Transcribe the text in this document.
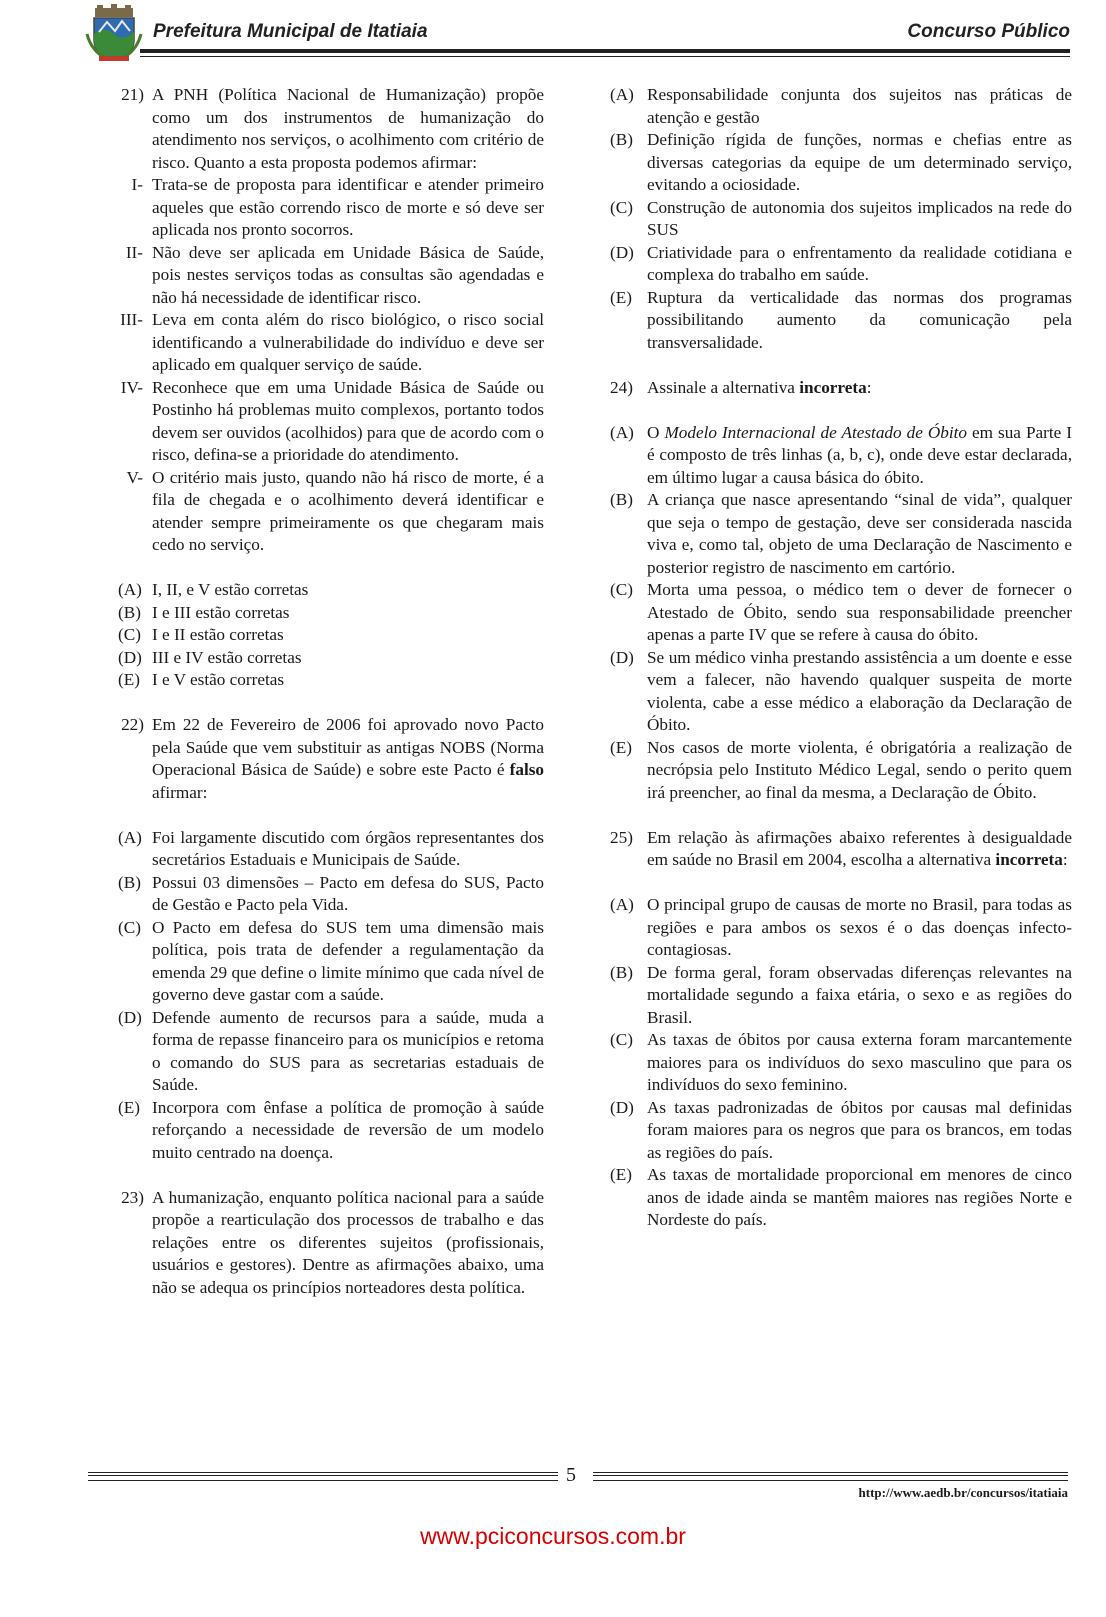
Prefeitura Municipal de Itatiaia	Concurso Público
21) A PNH (Política Nacional de Humanização) propõe como um dos instrumentos de humanização do atendimento nos serviços, o acolhimento com critério de risco. Quanto a esta proposta podemos afirmar:
I- Trata-se de proposta para identificar e atender primeiro aqueles que estão correndo risco de morte e só deve ser aplicada nos pronto socorros.
II- Não deve ser aplicada em Unidade Básica de Saúde, pois nestes serviços todas as consultas são agendadas e não há necessidade de identificar risco.
III- Leva em conta além do risco biológico, o risco social identificando a vulnerabilidade do indivíduo e deve ser aplicado em qualquer serviço de saúde.
IV- Reconhece que em uma Unidade Básica de Saúde ou Postinho há problemas muito complexos, portanto todos devem ser ouvidos (acolhidos) para que de acordo com o risco, defina-se a prioridade do atendimento.
V- O critério mais justo, quando não há risco de morte, é a fila de chegada e o acolhimento deverá identificar e atender sempre primeiramente os que chegaram mais cedo no serviço.
(A) I, II, e V estão corretas
(B) I e III estão corretas
(C) I e II estão corretas
(D) III e IV estão corretas
(E) I e V estão corretas
22) Em 22 de Fevereiro de 2006 foi aprovado novo Pacto pela Saúde que vem substituir as antigas NOBS (Norma Operacional Básica de Saúde) e sobre este Pacto é falso afirmar:
(A) Foi largamente discutido com órgãos representantes dos secretários Estaduais e Municipais de Saúde.
(B) Possui 03 dimensões – Pacto em defesa do SUS, Pacto de Gestão e Pacto pela Vida.
(C) O Pacto em defesa do SUS tem uma dimensão mais política, pois trata de defender a regulamentação da emenda 29 que define o limite mínimo que cada nível de governo deve gastar com a saúde.
(D) Defende aumento de recursos para a saúde, muda a forma de repasse financeiro para os municípios e retoma o comando do SUS para as secretarias estaduais de Saúde.
(E) Incorpora com ênfase a política de promoção à saúde reforçando a necessidade de reversão de um modelo muito centrado na doença.
23) A humanização, enquanto política nacional para a saúde propõe a rearticulação dos processos de trabalho e das relações entre os diferentes sujeitos (profissionais, usuários e gestores). Dentre as afirmações abaixo, uma não se adequa os princípios norteadores desta política.
(A) Responsabilidade conjunta dos sujeitos nas práticas de atenção e gestão
(B) Definição rígida de funções, normas e chefias entre as diversas categorias da equipe de um determinado serviço, evitando a ociosidade.
(C) Construção de autonomia dos sujeitos implicados na rede do SUS
(D) Criatividade para o enfrentamento da realidade cotidiana e complexa do trabalho em saúde.
(E) Ruptura da verticalidade das normas dos programas possibilitando aumento da comunicação pela transversalidade.
24) Assinale a alternativa incorreta:
(A) O Modelo Internacional de Atestado de Óbito em sua Parte I é composto de três linhas (a, b, c), onde deve estar declarada, em último lugar a causa básica do óbito.
(B) A criança que nasce apresentando “sinal de vida”, qualquer que seja o tempo de gestação, deve ser considerada nascida viva e, como tal, objeto de uma Declaração de Nascimento e posterior registro de nascimento em cartório.
(C) Morta uma pessoa, o médico tem o dever de fornecer o Atestado de Óbito, sendo sua responsabilidade preencher apenas a parte IV que se refere à causa do óbito.
(D) Se um médico vinha prestando assistência a um doente e esse vem a falecer, não havendo qualquer suspeita de morte violenta, cabe a esse médico a elaboração da Declaração de Óbito.
(E) Nos casos de morte violenta, é obrigatória a realização de necrópsia pelo Instituto Médico Legal, sendo o perito quem irá preencher, ao final da mesma, a Declaração de Óbito.
25) Em relação às afirmações abaixo referentes à desigualdade em saúde no Brasil em 2004, escolha a alternativa incorreta:
(A) O principal grupo de causas de morte no Brasil, para todas as regiões e para ambos os sexos é o das doenças infecto-contagiosas.
(B) De forma geral, foram observadas diferenças relevantes na mortalidade segundo a faixa etária, o sexo e as regiões do Brasil.
(C) As taxas de óbitos por causa externa foram marcantemente maiores para os indivíduos do sexo masculino que para os indivíduos do sexo feminino.
(D) As taxas padronizadas de óbitos por causas mal definidas foram maiores para os negros que para os brancos, em todas as regiões do país.
(E) As taxas de mortalidade proporcional em menores de cinco anos de idade ainda se mantêm maiores nas regiões Norte e Nordeste do país.
5
http://www.aedb.br/concursos/itatiaia
www.pciconcursos.com.br
